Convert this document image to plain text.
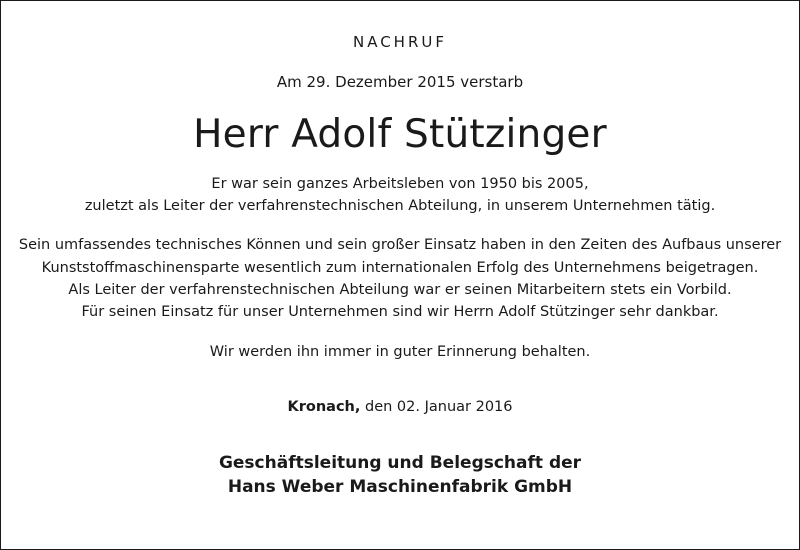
NACHRUF
Am 29. Dezember 2015 verstarb
Herr Adolf Stützinger
Er war sein ganzes Arbeitsleben von 1950 bis 2005,
zuletzt als Leiter der verfahrenstechnischen Abteilung, in unserem Unternehmen tätig.
Sein umfassendes technisches Können und sein großer Einsatz haben in den Zeiten des Aufbaus unserer
Kunststoffmaschinensparte wesentlich zum internationalen Erfolg des Unternehmens beigetragen.
Als Leiter der verfahrenstechnischen Abteilung war er seinen Mitarbeitern stets ein Vorbild.
Für seinen Einsatz für unser Unternehmen sind wir Herrn Adolf Stützinger sehr dankbar.
Wir werden ihn immer in guter Erinnerung behalten.
Kronach, den 02. Januar 2016
Geschäftsleitung und Belegschaft der
Hans Weber Maschinenfabrik GmbH
